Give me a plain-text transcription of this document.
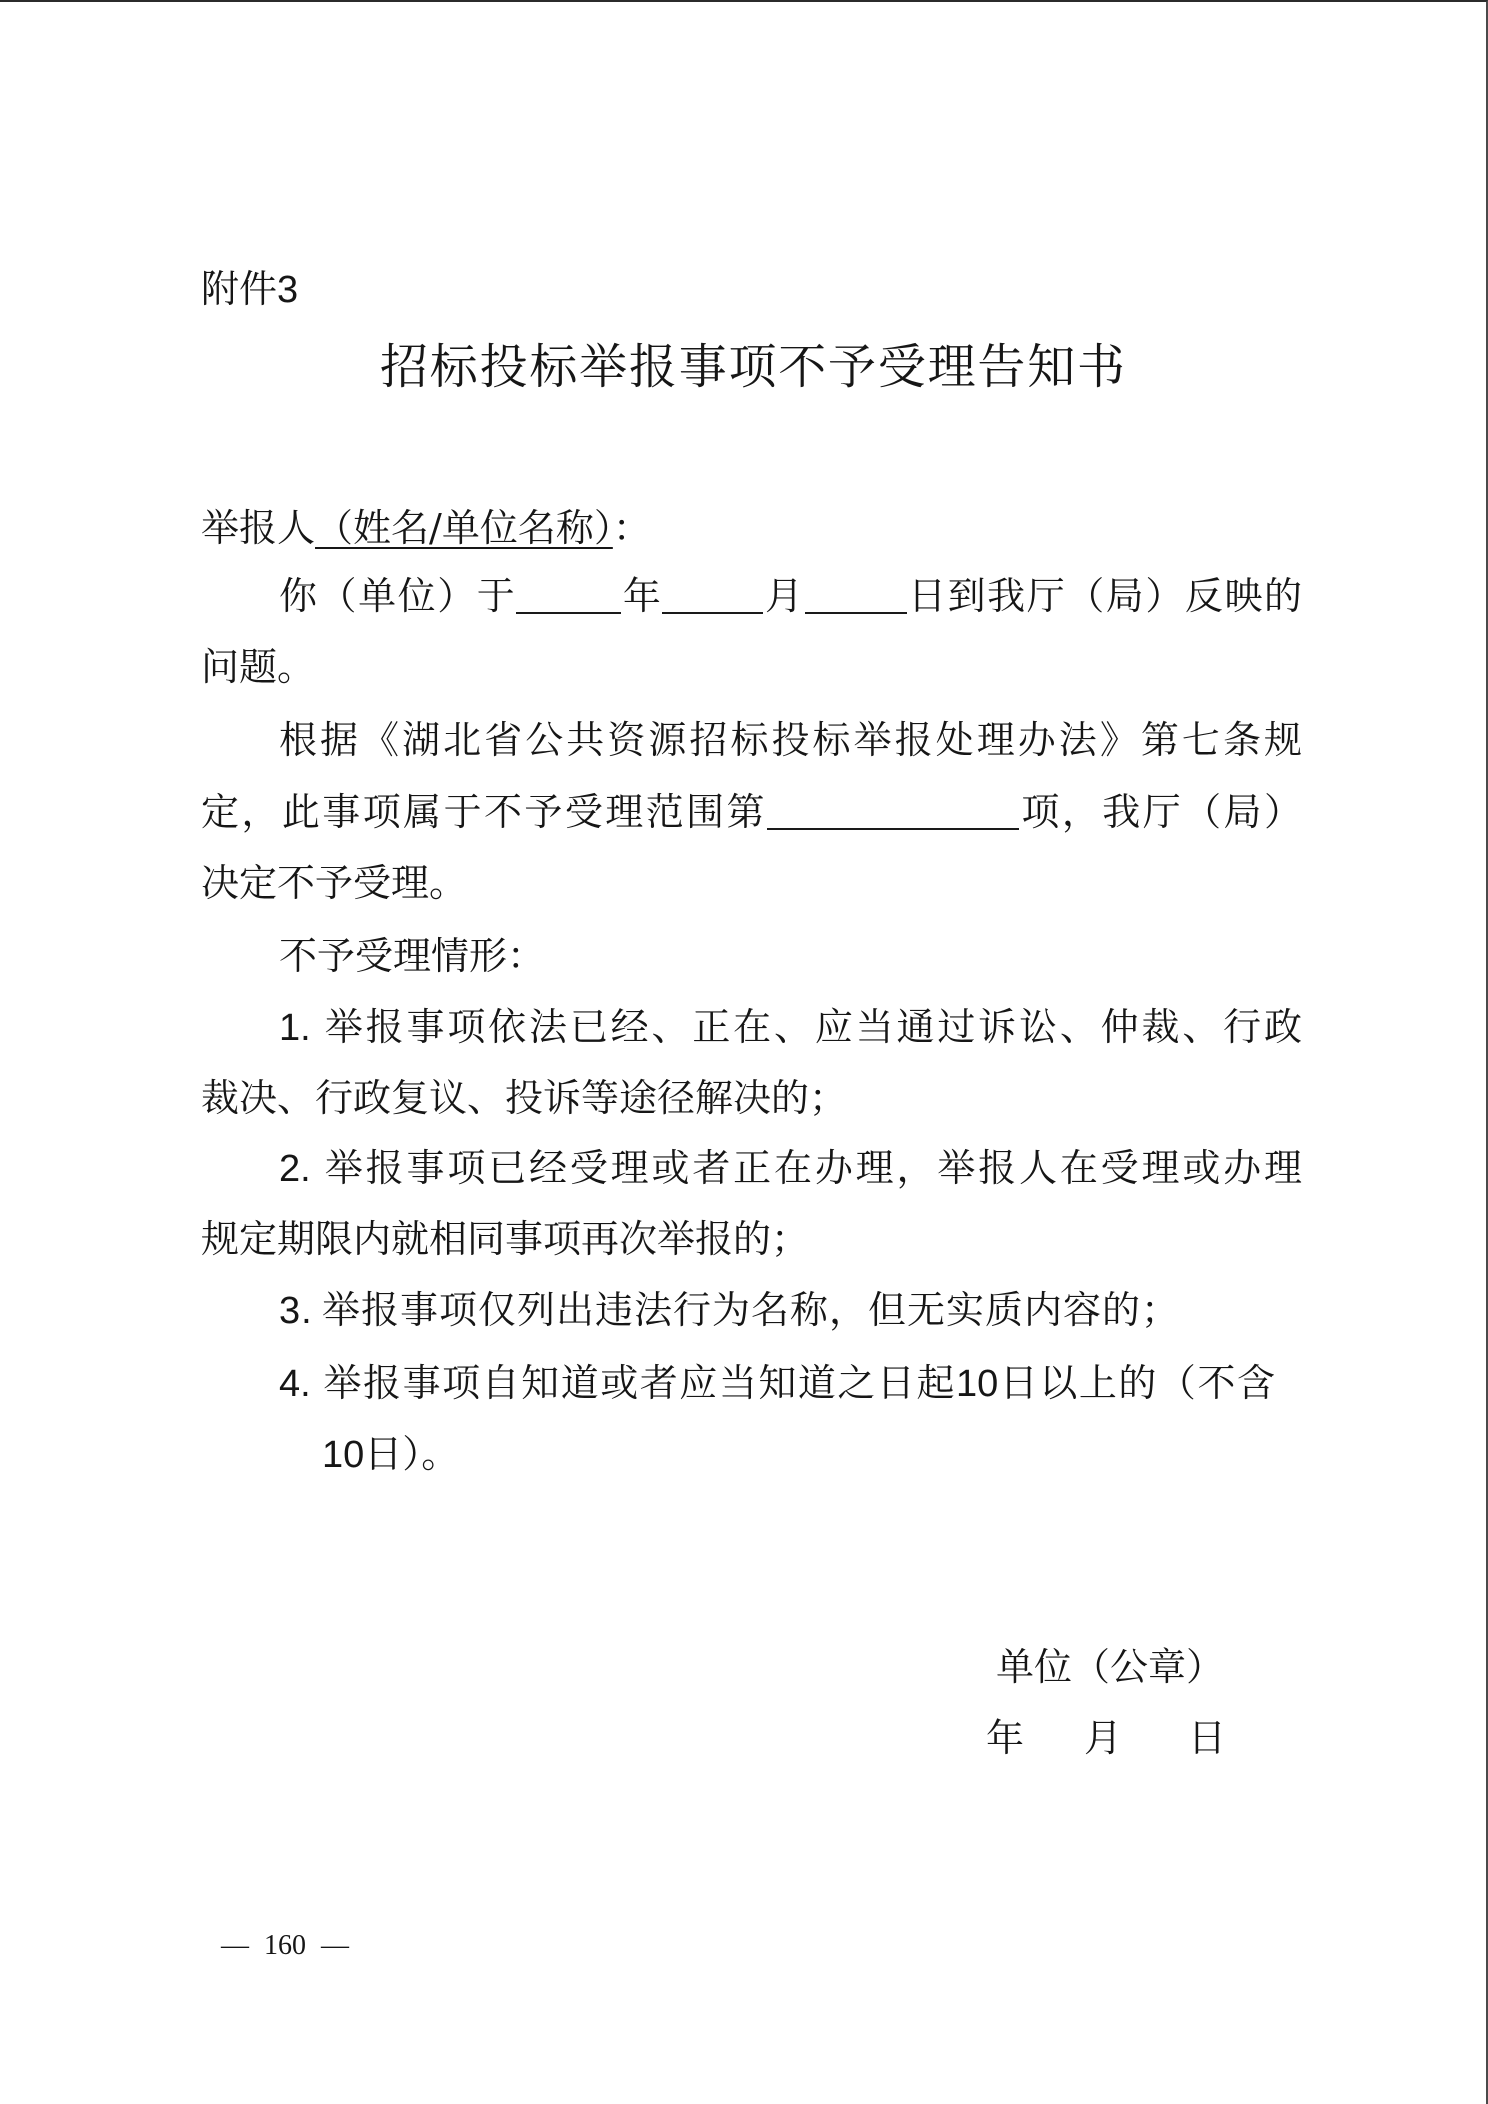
附件3
招标投标举报事项不予受理告知书
举报人（姓名/单位名称）：
你（单位）于	年	月	日到我厅（局）反映的
问题。
根据《湖北省公共资源招标投标举报处理办法》第七条规
定，此事项属于不予受理范围第	项，我厅（局）
决定不予受理。
不予受理情形：
1. 举报事项依法已经、正在、应当通过诉讼、仲裁、行政
裁决、行政复议、投诉等途径解决的；
2. 举报事项已经受理或者正在办理，举报人在受理或办理
规定期限内就相同事项再次举报的；
3. 举报事项仅列出违法行为名称，但无实质内容的；
4. 举报事项自知道或者应当知道之日起10日以上的（不含
10日）。
单位（公章）
年 月 日
— 160 —
